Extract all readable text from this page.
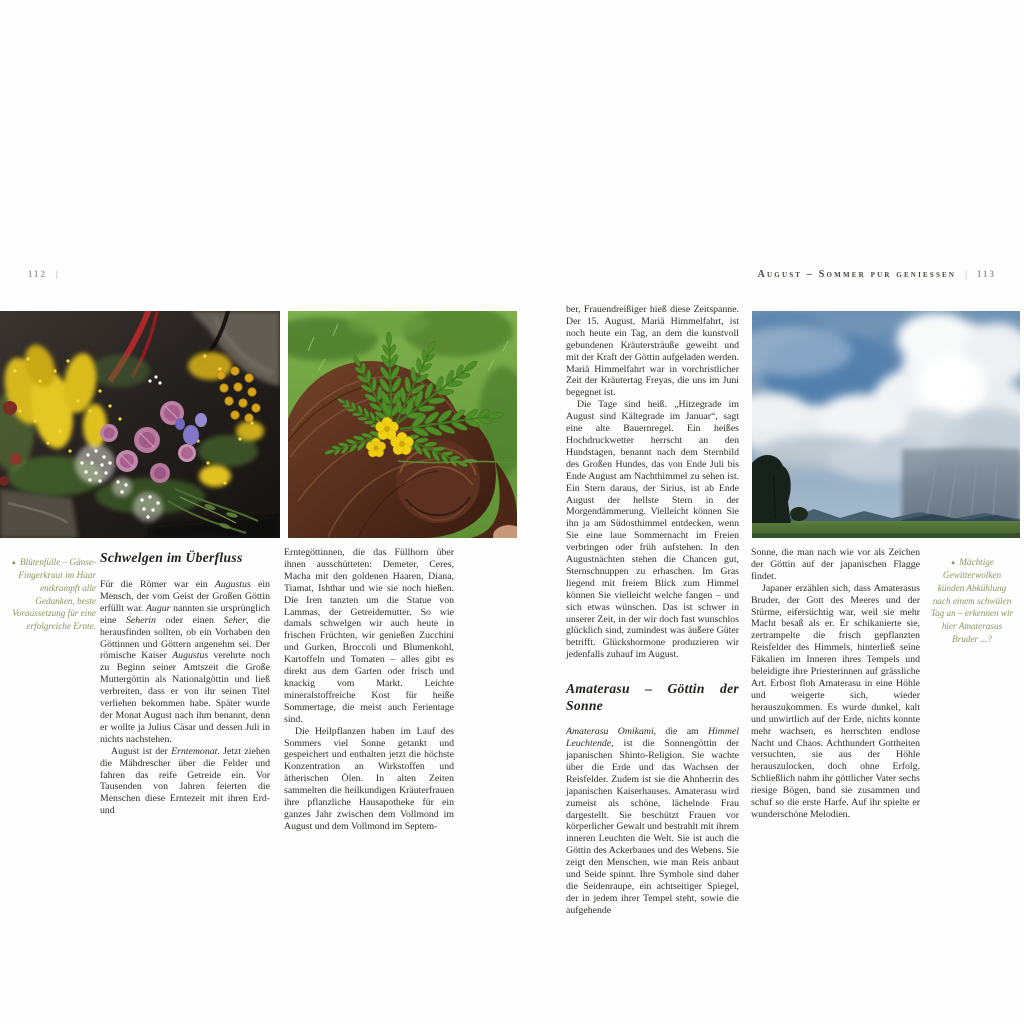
112 |	August – Sommer pur geniessen | 113
▲ Blütenfülle – Gänse-Fingerkraut im Haar entkrampft alle Gedanken, beste Voraussetzung für eine erfolgreiche Ernte.
▲ Mächtige Gewitterwolken künden Abkühlung nach einem schwülen Tag an – erkennen wir hier Amaterasus Bruder ...?
Schwelgen im Überfluss

Für die Römer war ein Augustus ein Mensch, der vom Geist der Großen Göttin erfüllt war. Augur nannten sie ursprünglich eine Seherin oder einen Seher, die herausfinden sollten, ob ein Vorhaben den Göttinnen und Göttern angenehm sei. Der römische Kaiser Augustus verehrte noch zu Beginn seiner Amtszeit die Große Muttergöttin als Nationalgöttin und ließ verbreiten, dass er von ihr seinen Titel verliehen bekommen habe. Später wurde der Monat August nach ihm benannt, denn er wollte ja Julius Cäsar und dessen Juli in nichts nachstehen.

August ist der Erntemonat. Jetzt ziehen die Mähdrescher über die Felder und fahren das reife Getreide ein. Vor Tausenden von Jahren feierten die Menschen diese Erntezeit mit ihren Erd- und

Erntegöttinnen, die das Füllhorn über ihnen ausschütteten: Demeter, Ceres, Macha mit den goldenen Haaren, Diana, Tiamat, Ishthar und wie sie noch hießen. Die Iren tanzten um die Statue von Lammas, der Getreidemutter. So wie damals schwelgen wir auch heute in frischen Früchten, wir genießen Zucchini und Gurken, Broccoli und Blumenkohl, Kartoffeln und Tomaten – alles gibt es direkt aus dem Garten oder frisch und knackig vom Markt. Leichte mineralstoffreiche Kost für heiße Sommertage, die meist auch Ferientage sind.

Die Heilpflanzen haben im Lauf des Sommers viel Sonne getankt und gespeichert und enthalten jetzt die höchste Konzentration an Wirkstoffen und ätherischen Ölen. In alten Zeiten sammelten die heilkundigen Kräuterfrauen ihre pflanzliche Hausapotheke für ein ganzes Jahr zwischen dem Vollmond im August und dem Vollmond im Septem-

ber, Frauendreißiger hieß diese Zeitspanne. Der 15. August, Mariä Himmelfahrt, ist noch heute ein Tag, an dem die kunstvoll gebundenen Kräutersträuße geweiht und mit der Kraft der Göttin aufgeladen werden. Mariä Himmelfahrt war in vorchristlicher Zeit der Kräutertag Freyas, die uns im Juni begegnet ist.

Die Tage sind heiß. „Hitzegrade im August sind Kältegrade im Januar“, sagt eine alte Bauernregel. Ein heißes Hochdruckwetter herrscht an den Hundstagen, benannt nach dem Sternbild des Großen Hundes, das von Ende Juli bis Ende August am Nachthimmel zu sehen ist. Ein Stern daraus, der Sirius, ist ab Ende August der hellste Stern in der Morgendämmerung. Vielleicht können Sie ihn ja am Südosthimmel entdecken, wenn Sie eine laue Sommernacht im Freien verbringen oder früh aufstehen. In den Augustnächten stehen die Chancen gut, Sternschnuppen zu erhaschen. Im Gras liegend mit freiem Blick zum Himmel können Sie vielleicht welche fangen – und sich etwas wünschen. Das ist schwer in unserer Zeit, in der wir doch fast wunschlos glücklich sind, zumindest was äußere Güter betrifft. Glückshormone produzieren wir jedenfalls zuhauf im August.

Amaterasu – Göttin der Sonne

Amaterasu Omikami, die am Himmel Leuchtende, ist die Sonnengöttin der japanischen Shinto-Religion. Sie wachte über die Erde und das Wachsen der Reisfelder. Zudem ist sie die Ahnherrin des japanischen Kaiserhauses. Amaterasu wird zumeist als schöne, lächelnde Frau dargestellt. Sie beschützt Frauen vor körperlicher Gewalt und bestrahlt mit ihrem inneren Leuchten die Welt. Sie ist auch die Göttin des Ackerbaues und des Webens. Sie zeigt den Menschen, wie man Reis anbaut und Seide spinnt. Ihre Symbole sind daher die Seidenraupe, ein achtseitiger Spiegel, der in jedem ihrer Tempel steht, sowie die aufgehende

Sonne, die man nach wie vor als Zeichen der Göttin auf der japanischen Flagge findet.

Japaner erzählen sich, dass Amaterasus Bruder, der Gott des Meeres und der Stürme, eifersüchtig war, weil sie mehr Macht besaß als er. Er schikanierte sie, zertrampelte die frisch gepflanzten Reisfelder des Himmels, hinterließ seine Fäkalien im Inneren ihres Tempels und beleidigte ihre Priesterinnen auf grässliche Art. Erbost floh Amaterasu in eine Höhle und weigerte sich, wieder herauszukommen. Es wurde dunkel, kalt und unwirtlich auf der Erde, nichts konnte mehr wachsen, es herrschten endlose Nacht und Chaos. Achthundert Gottheiten versuchten, sie aus der Höhle herauszulocken, doch ohne Erfolg. Schließlich nahm ihr göttlicher Vater sechs riesige Bögen, band sie zusammen und schuf so die erste Harfe. Auf ihr spielte er wunderschöne Melodien.
